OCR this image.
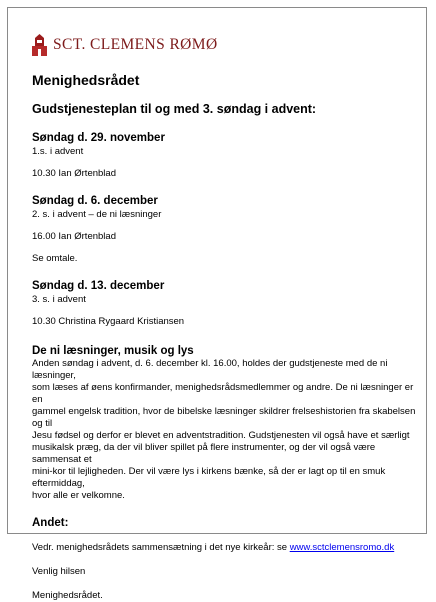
SCT. CLEMENS RØMØ
Menighedsrådet
Gudstjenesteplan til og med 3. søndag i advent:
Søndag d. 29. november
1.s. i advent
10.30 Ian Ørtenblad
Søndag d. 6. december
2. s. i advent – de ni læsninger
16.00 Ian Ørtenblad
Se omtale.
Søndag d. 13. december
3. s. i advent
10.30 Christina Rygaard Kristiansen
De ni læsninger, musik og lys
Anden søndag i advent, d. 6. december kl. 16.00, holdes der gudstjeneste med de ni læsninger,
som læses af øens konfirmander, menighedsrådsmedlemmer og andre. De ni læsninger er en
gammel engelsk tradition, hvor de bibelske læsninger skildrer frelseshistorien fra skabelsen og til
Jesu fødsel og derfor er blevet en adventstradition. Gudstjenesten vil også have et særligt
musikalsk præg, da der vil bliver spillet på flere instrumenter, og der vil også være sammensat et
mini-kor til lejligheden. Der vil være lys i kirkens bænke, så der er lagt op til en smuk eftermiddag,
hvor alle er velkomne.
Andet:
Vedr. menighedsrådets sammensætning i det nye kirkeår: se www.sctclemensromo.dk
Venlig hilsen
Menighedsrådet.
